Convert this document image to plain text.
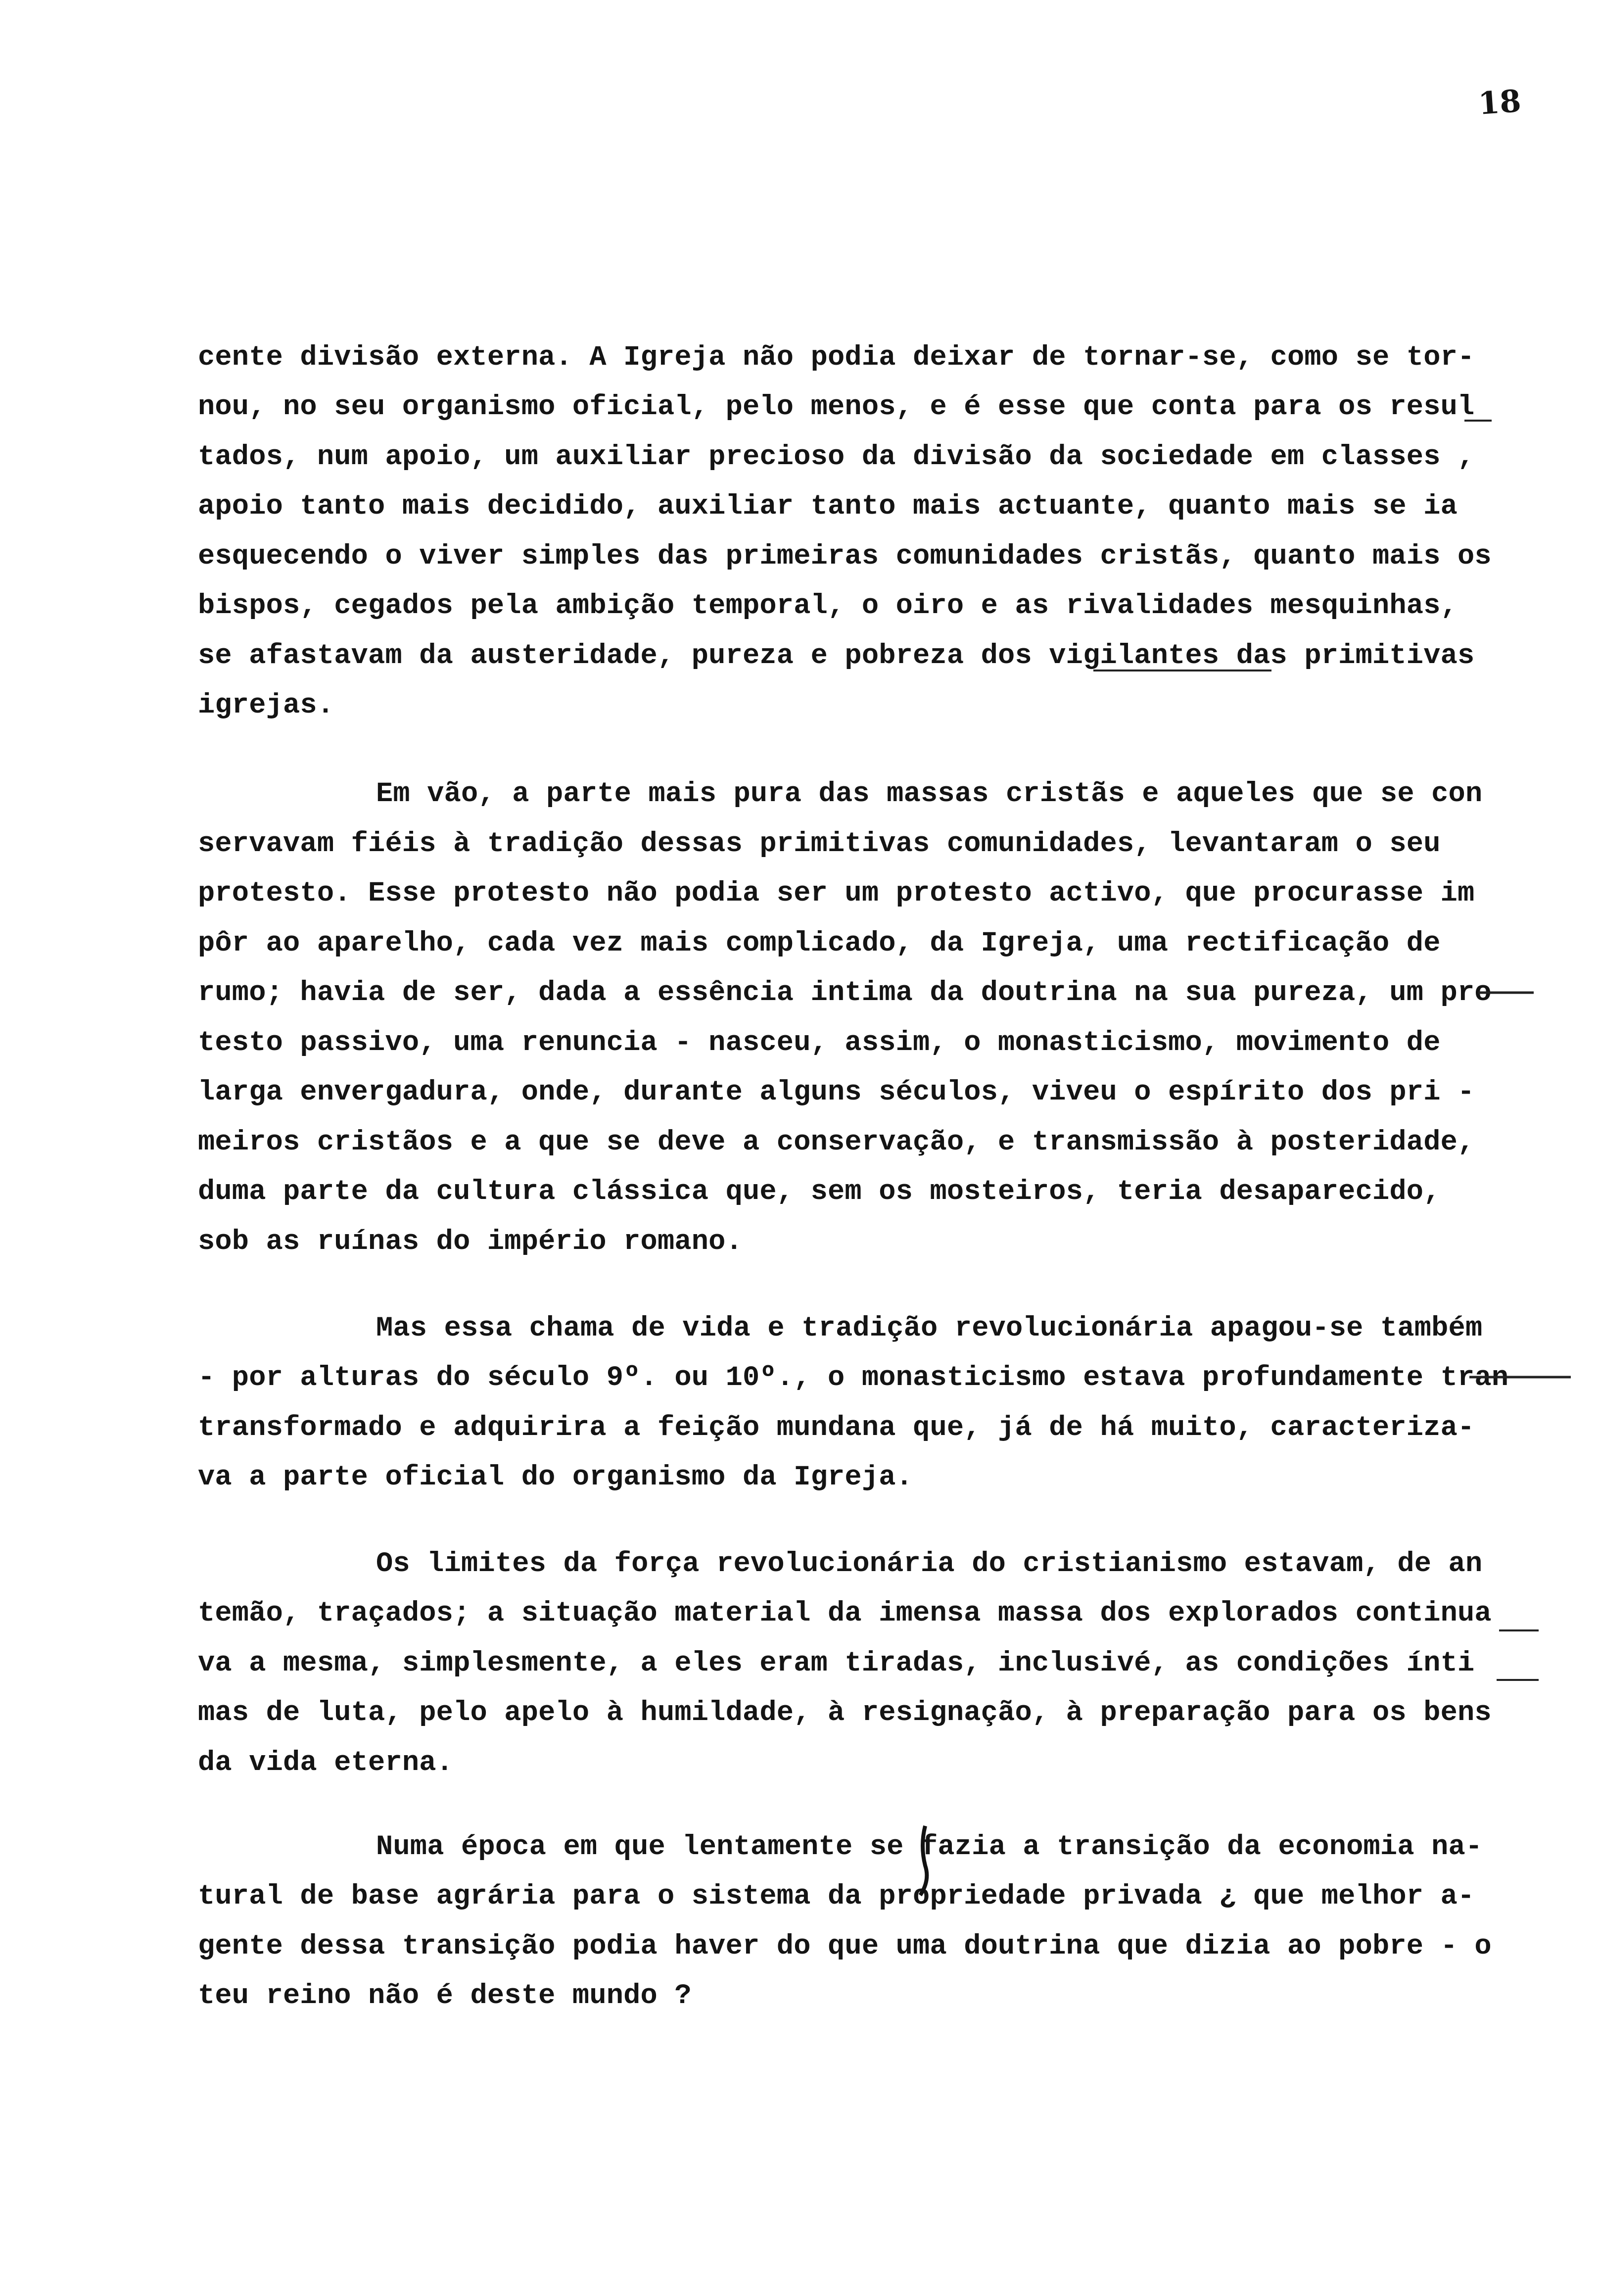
18
cente divisão externa. A Igreja não podia deixar de tornar-se, como se tor-
nou, no seu organismo oficial, pelo menos, e é esse que conta para os resul
tados, num apoio, um auxiliar precioso da divisão da sociedade em classes ,
apoio tanto mais decidido, auxiliar tanto mais actuante, quanto mais se ia
esquecendo o viver simples das primeiras comunidades cristãs, quanto mais os
bispos, cegados pela ambição temporal, o oiro e as rivalidades mesquinhas,
se afastavam da austeridade, pureza e pobreza dos vigilantes das primitivas
igrejas.
Em vão, a parte mais pura das massas cristãs e aqueles que se con
servavam fiéis à tradição dessas primitivas comunidades, levantaram o seu
protesto. Esse protesto não podia ser um protesto activo, que procurasse im
pôr ao aparelho, cada vez mais complicado, da Igreja, uma rectificação de
rumo; havia de ser, dada a essência intima da doutrina na sua pureza, um pro
testo passivo, uma renuncia - nasceu, assim, o monasticismo, movimento de
larga envergadura, onde, durante alguns séculos, viveu o espírito dos pri -
meiros cristãos e a que se deve a conservação, e transmissão à posteridade,
duma parte da cultura clássica que, sem os mosteiros, teria desaparecido,
sob as ruínas do império romano.
Mas essa chama de vida e tradição revolucionária apagou-se também
- por alturas do século 9º. ou 10º., o monasticismo estava profundamente tran
transformado e adquirira a feição mundana que, já de há muito, caracteriza-
va a parte oficial do organismo da Igreja.
Os limites da força revolucionária do cristianismo estavam, de an
temão, traçados; a situação material da imensa massa dos explorados continua
va a mesma, simplesmente, a eles eram tiradas, inclusivé, as condições ínti
mas de luta, pelo apelo à humildade, à resignação, à preparação para os bens
da vida eterna.
Numa época em que lentamente se fazia a transição da economia na-
tural de base agrária para o sistema da propriedade privada ¿ que melhor a-
gente dessa transição podia haver do que uma doutrina que dizia ao pobre - o
teu reino não é deste mundo ?
